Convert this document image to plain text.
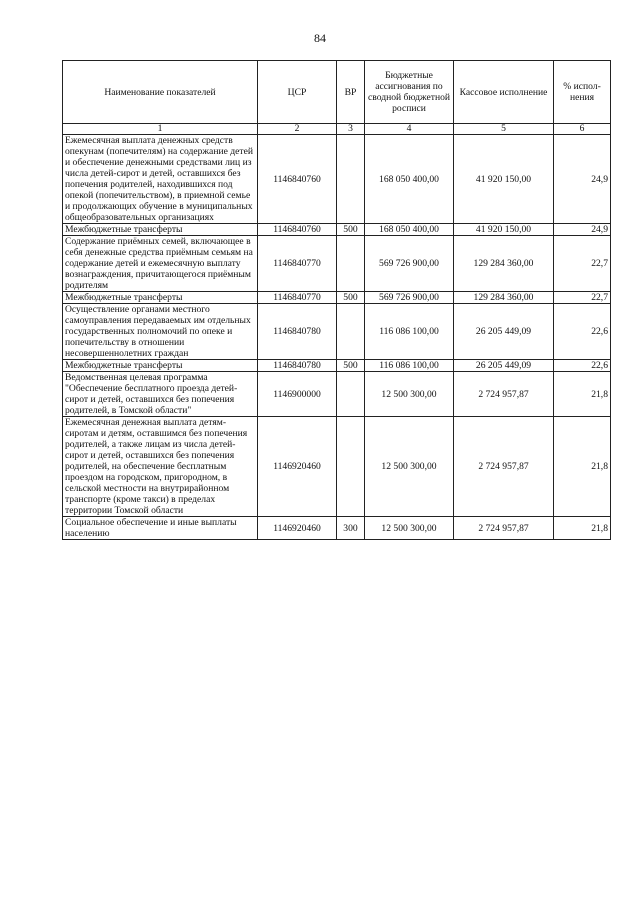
84
Наименование показателей	ЦСР	ВР	Бюджетные ассигнования по сводной бюджетной росписи	Кассовое исполнение	% испол-нения
1	2	3	4	5	6
Ежемесячная выплата денежных средств опекунам (попечителям) на содержание детей и обеспечение денежными средствами лиц из числа детей-сирот и детей, оставшихся без попечения родителей, находившихся под опекой (попечительством), в приемной семье и продолжающих обучение в муниципальных общеобразовательных организациях	1146840760		168 050 400,00	41 920 150,00	24,9
Межбюджетные трансферты	1146840760	500	168 050 400,00	41 920 150,00	24,9
Содержание приёмных семей, включающее в себя денежные средства приёмным семьям на содержание детей и ежемесячную выплату вознаграждения, причитающегося приёмным родителям	1146840770		569 726 900,00	129 284 360,00	22,7
Межбюджетные трансферты	1146840770	500	569 726 900,00	129 284 360,00	22,7
Осуществление органами местного самоуправления передаваемых им отдельных государственных полномочий по опеке и попечительству в отношении несовершеннолетних граждан	1146840780		116 086 100,00	26 205 449,09	22,6
Межбюджетные трансферты	1146840780	500	116 086 100,00	26 205 449,09	22,6
Ведомственная целевая программа "Обеспечение бесплатного проезда детей-сирот и детей, оставшихся без попечения родителей, в Томской области"	1146900000		12 500 300,00	2 724 957,87	21,8
Ежемесячная денежная выплата детям-сиротам и детям, оставшимся без попечения родителей, а также лицам из числа детей-сирот и детей, оставшихся без попечения родителей, на обеспечение бесплатным проездом на городском, пригородном, в сельской местности на внутрирайонном транспорте (кроме такси) в пределах территории Томской области	1146920460		12 500 300,00	2 724 957,87	21,8
Социальное обеспечение и иные выплаты населению	1146920460	300	12 500 300,00	2 724 957,87	21,8
